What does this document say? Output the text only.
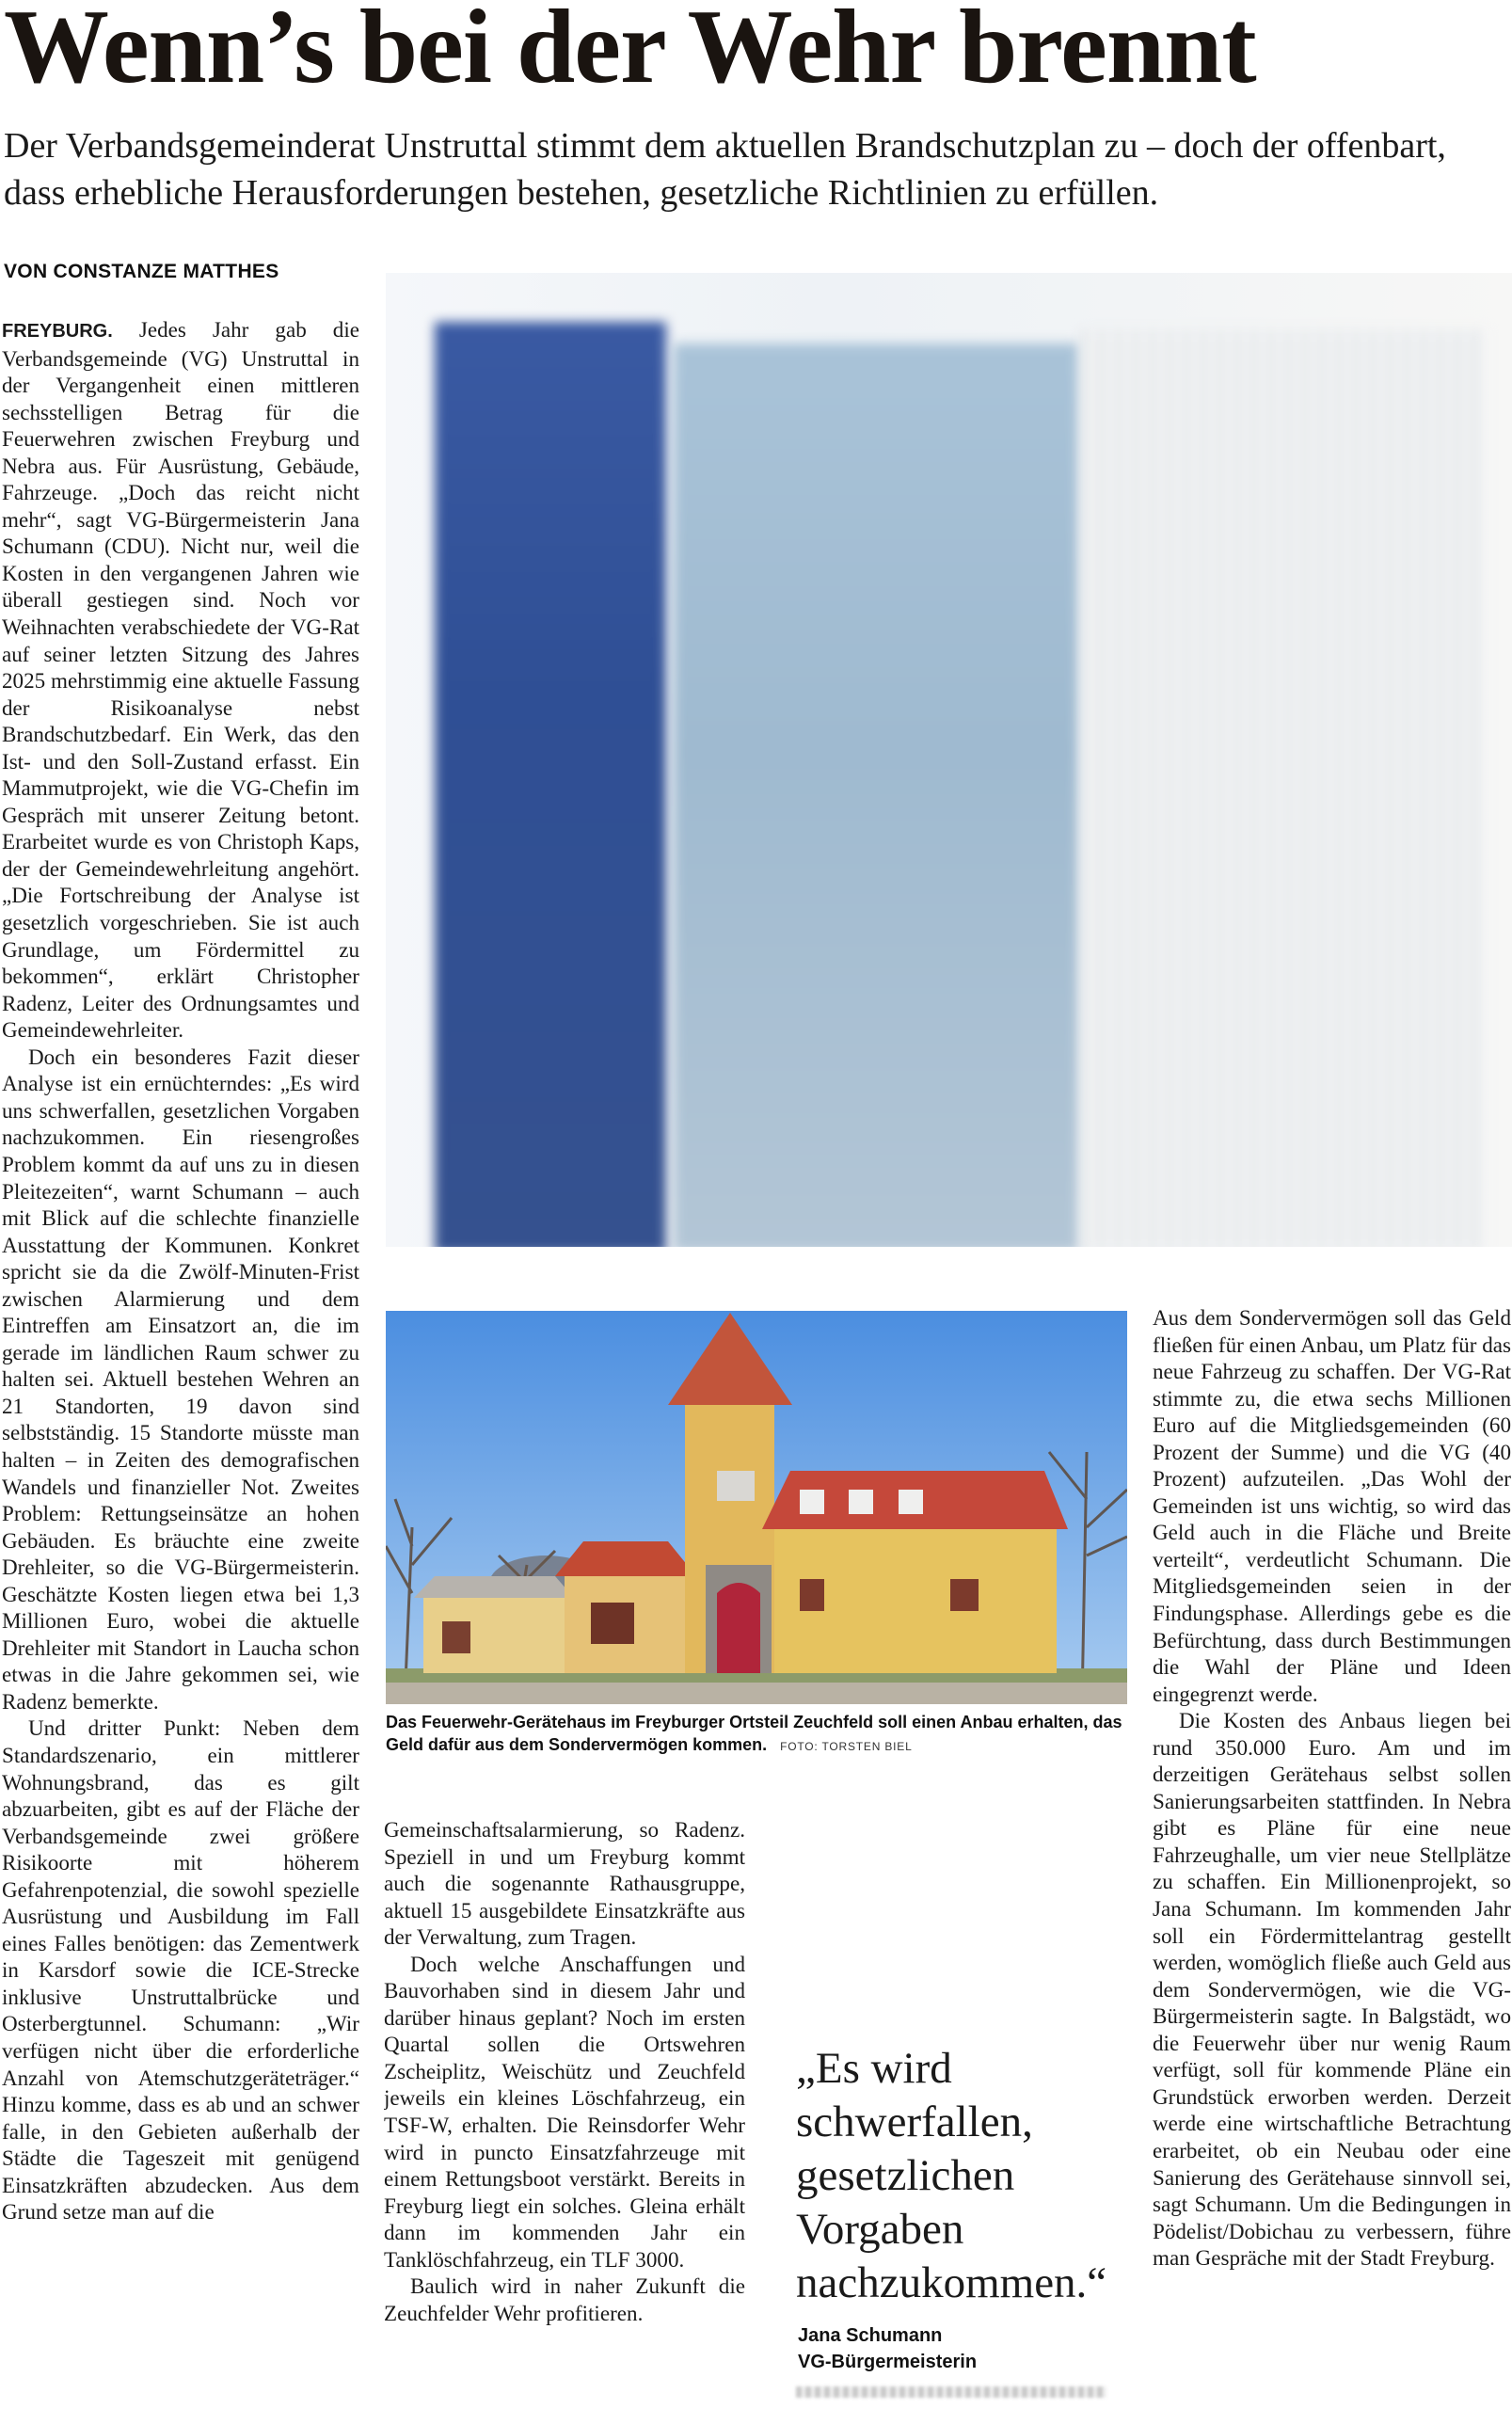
Wenn’s bei der Wehr brennt

Der Verbandsgemeinderat Unstruttal stimmt dem aktuellen Brandschutzplan zu – doch der offenbart, dass erhebliche Herausforderungen bestehen, gesetzliche Richtlinien zu erfüllen.

VON CONSTANZE MATTHES

FREYBURG. Jedes Jahr gab die Verbandsgemeinde (VG) Unstruttal in der Vergangenheit einen mittleren sechsstelligen Betrag für die Feuerwehren zwischen Freyburg und Nebra aus. Für Ausrüstung, Gebäude, Fahrzeuge. „Doch das reicht nicht mehr“, sagt VG-Bürgermeisterin Jana Schumann (CDU). Nicht nur, weil die Kosten in den vergangenen Jahren wie überall gestiegen sind. Noch vor Weihnachten verabschiedete der VG-Rat auf seiner letzten Sitzung des Jahres 2025 mehrstimmig eine aktuelle Fassung der Risikoanalyse nebst Brandschutzbedarf. Ein Werk, das den Ist- und den Soll-Zustand erfasst. Ein Mammutprojekt, wie die VG-Chefin im Gespräch mit unserer Zeitung betont. Erarbeitet wurde es von Christoph Kaps, der der Gemeindewehrleitung angehört. „Die Fortschreibung der Analyse ist gesetzlich vorgeschrieben. Sie ist auch Grundlage, um Fördermittel zu bekommen“, erklärt Christopher Radenz, Leiter des Ordnungsamtes und Gemeindewehrleiter.

Doch ein besonderes Fazit dieser Analyse ist ein ernüchterndes: „Es wird uns schwerfallen, gesetzlichen Vorgaben nachzukommen. Ein riesengroßes Problem kommt da auf uns zu in diesen Pleitezeiten“, warnt Schumann – auch mit Blick auf die schlechte finanzielle Ausstattung der Kommunen. Konkret spricht sie da die Zwölf-Minuten-Frist zwischen Alarmierung und dem Eintreffen am Einsatzort an, die im gerade im ländlichen Raum schwer zu halten sei. Aktuell bestehen Wehren an 21 Standorten, 19 davon sind selbstständig. 15 Standorte müsste man halten – in Zeiten des demografischen Wandels und finanzieller Not. Zweites Problem: Rettungseinsätze an hohen Gebäuden. Es bräuchte eine zweite Drehleiter, so die VG-Bürgermeisterin. Geschätzte Kosten liegen etwa bei 1,3 Millionen Euro, wobei die aktuelle Drehleiter mit Standort in Laucha schon etwas in die Jahre gekommen sei, wie Radenz bemerkte.

Und dritter Punkt: Neben dem Standardszenario, ein mittlerer Wohnungsbrand, das es gilt abzuarbeiten, gibt es auf der Fläche der Verbandsgemeinde zwei größere Risikoorte mit höherem Gefahrenpotenzial, die sowohl spezielle Ausrüstung und Ausbildung im Fall eines Falles benötigen: das Zementwerk in Karsdorf sowie die ICE-Strecke inklusive Unstruttalbrücke und Osterbergtunnel. Schumann: „Wir verfügen nicht über die erforderliche Anzahl von Atemschutzgeräteträger.“ Hinzu komme, dass es ab und an schwer falle, in den Gebieten außerhalb der Städte die Tageszeit mit genügend Einsatzkräften abzudecken. Aus dem Grund setze man auf die

Das Feuerwehr-Gerätehaus im Freyburger Ortsteil Zeuchfeld soll einen Anbau erhalten, das Geld dafür aus dem Sondervermögen kommen. FOTO: TORSTEN BIEL

Gemeinschaftsalarmierung, so Radenz. Speziell in und um Freyburg kommt auch die sogenannte Rathausgruppe, aktuell 15 ausgebildete Einsatzkräfte aus der Verwaltung, zum Tragen.

Doch welche Anschaffungen und Bauvorhaben sind in diesem Jahr und darüber hinaus geplant? Noch im ersten Quartal sollen die Ortswehren Zscheiplitz, Weischütz und Zeuchfeld jeweils ein kleines Löschfahrzeug, ein TSF-W, erhalten. Die Reinsdorfer Wehr wird in puncto Einsatzfahrzeuge mit einem Rettungsboot verstärkt. Bereits in Freyburg liegt ein solches. Gleina erhält dann im kommenden Jahr ein Tanklöschfahrzeug, ein TLF 3000.

Baulich wird in naher Zukunft die Zeuchfelder Wehr profitieren.

„Es wird schwerfallen, gesetzlichen Vorgaben nachzukommen.“

Jana Schumann
VG-Bürgermeisterin

Aus dem Sondervermögen soll das Geld fließen für einen Anbau, um Platz für das neue Fahrzeug zu schaffen. Der VG-Rat stimmte zu, die etwa sechs Millionen Euro auf die Mitgliedsgemeinden (60 Prozent der Summe) und die VG (40 Prozent) aufzuteilen. „Das Wohl der Gemeinden ist uns wichtig, so wird das Geld auch in die Fläche und Breite verteilt“, verdeutlicht Schumann. Die Mitgliedsgemeinden seien in der Findungsphase. Allerdings gebe es die Befürchtung, dass durch Bestimmungen die Wahl der Pläne und Ideen eingegrenzt werde.

Die Kosten des Anbaus liegen bei rund 350.000 Euro. Am und im derzeitigen Gerätehaus selbst sollen Sanierungsarbeiten stattfinden. In Nebra gibt es Pläne für eine neue Fahrzeughalle, um vier neue Stellplätze zu schaffen. Ein Millionenprojekt, so Jana Schumann. Im kommenden Jahr soll ein Fördermittelantrag gestellt werden, womöglich fließe auch Geld aus dem Sondervermögen, wie die VG-Bürgermeisterin sagte. In Balgstädt, wo die Feuerwehr über nur wenig Raum verfügt, soll für kommende Pläne ein Grundstück erworben werden. Derzeit werde eine wirtschaftliche Betrachtung erarbeitet, ob ein Neubau oder eine Sanierung des Gerätehause sinnvoll sei, sagt Schumann. Um die Bedingungen in Pödelist/Dobichau zu verbessern, führe man Gespräche mit der Stadt Freyburg.
